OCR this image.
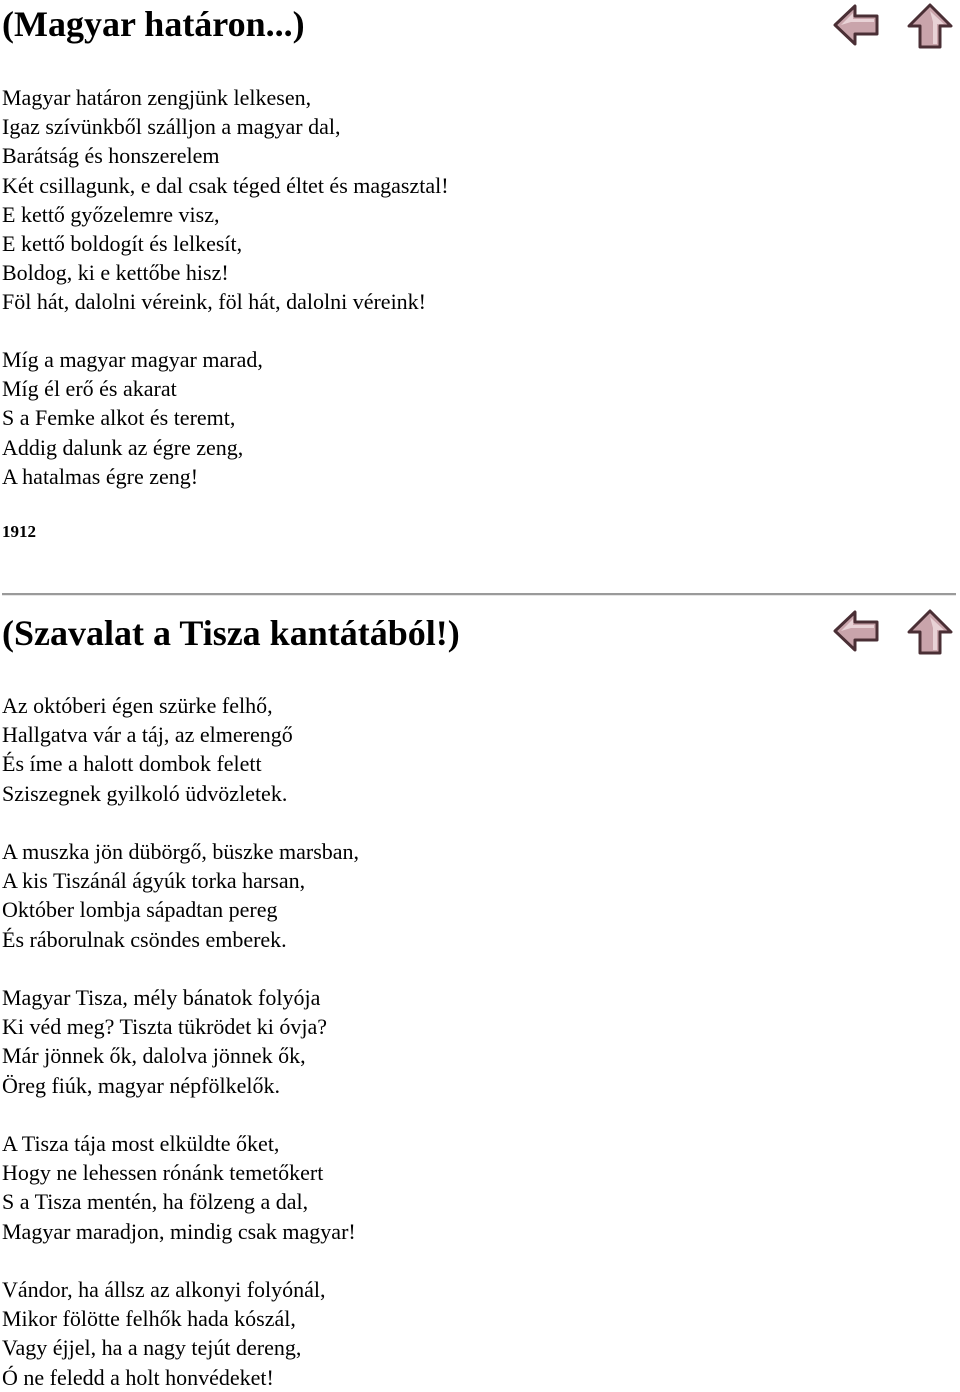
(Magyar határon...)
Magyar határon zengjünk lelkesen,
Igaz szívünkből szálljon a magyar dal,
Barátság és honszerelem
Két csillagunk, e dal csak téged éltet és magasztal!
E kettő győzelemre visz,
E kettő boldogít és lelkesít,
Boldog, ki e kettőbe hisz!
Föl hát, dalolni véreink, föl hát, dalolni véreink!
Míg a magyar magyar marad,
Míg él erő és akarat
S a Femke alkot és teremt,
Addig dalunk az égre zeng,
A hatalmas égre zeng!
1912
(Szavalat a Tisza kantátából!)
Az októberi égen szürke felhő,
Hallgatva vár a táj, az elmerengő
És íme a halott dombok felett
Sziszegnek gyilkoló üdvözletek.
A muszka jön dübörgő, büszke marsban,
A kis Tiszánál ágyúk torka harsan,
Október lombja sápadtan pereg
És ráborulnak csöndes emberek.
Magyar Tisza, mély bánatok folyója
Ki véd meg? Tiszta tükrödet ki óvja?
Már jönnek ők, dalolva jönnek ők,
Öreg fiúk, magyar népfölkelők.
A Tisza tája most elküldte őket,
Hogy ne lehessen rónánk temetőkert
S a Tisza mentén, ha fölzeng a dal,
Magyar maradjon, mindig csak magyar!
Vándor, ha állsz az alkonyi folyónál,
Mikor fölötte felhők hada kószál,
Vagy éjjel, ha a nagy tejút dereng,
Ó ne feledd a holt honvédeket!
